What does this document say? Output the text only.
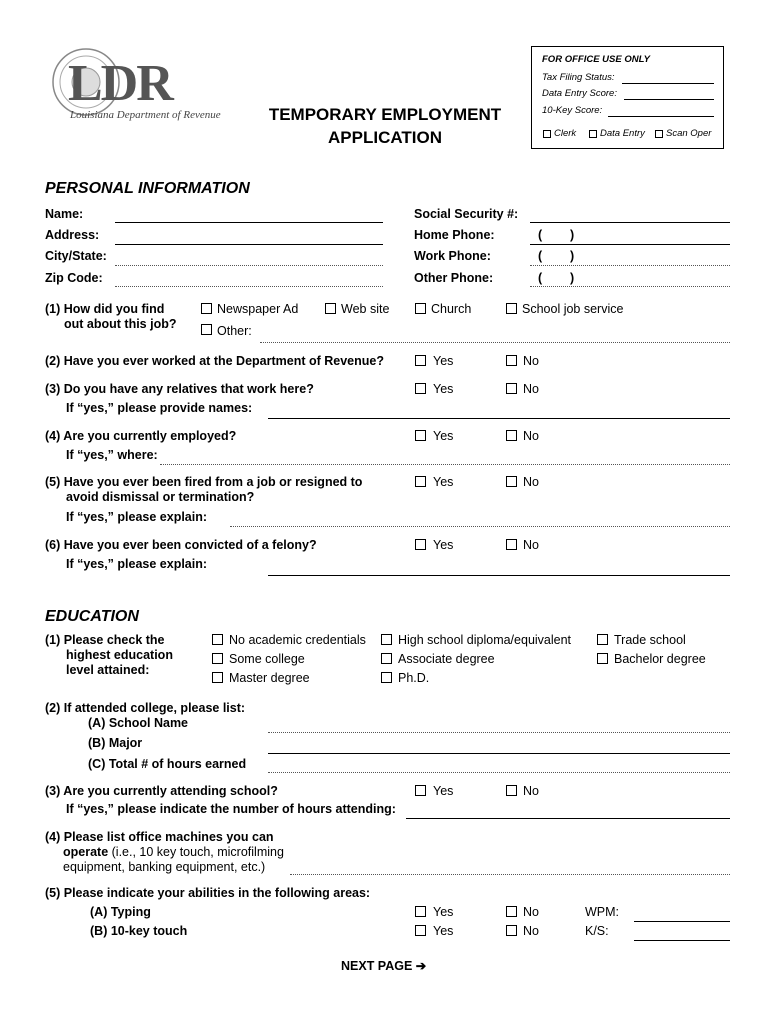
LDR
Louisiana Department of Revenue	TEMPORARY EMPLOYMENT
APPLICATION
FOR OFFICE USE ONLY
Tax Filing Status:
Data Entry Score:
10-Key Score:
Clerk	Data Entry Scan Oper
PERSONAL INFORMATION
Name:
Address:
City/State:
Zip Code:
Social Security #:
Home Phone:	( )
Work Phone:	( )
Other Phone:	( )
(1) How did you find
out about this job?
Newspaper Ad	Web site	Church	School job service
Other:
(2) Have you ever worked at the Department of Revenue?	Yes	No
(3) Do you have any relatives that work here?	Yes	No
If “yes,” please provide names:
(4) Are you currently employed?	Yes	No
If “yes,” where:
(5) Have you ever been fired from a job or resigned to
avoid dismissal or termination?
Yes	No
If “yes,” please explain:
(6) Have you ever been convicted of a felony?	Yes	No
If “yes,” please explain:
EDUCATION
(1) Please check the
highest education
level attained:
No academic credentials	High school diploma/equivalent	Trade school
Some college	Associate degree	Bachelor degree
Master degree	Ph.D.
(2) If attended college, please list:
(A) School Name
(B) Major
(C) Total # of hours earned
(3) Are you currently attending school?	Yes	No
If “yes,” please indicate the number of hours attending:
(4) Please list office machines you can
operate (i.e., 10 key touch, microfilming
equipment, banking equipment, etc.)
(5) Please indicate your abilities in the following areas:
(A) Typing	Yes	No	WPM:
(B) 10-key touch	Yes	No	K/S:
NEXT PAGE ➔
